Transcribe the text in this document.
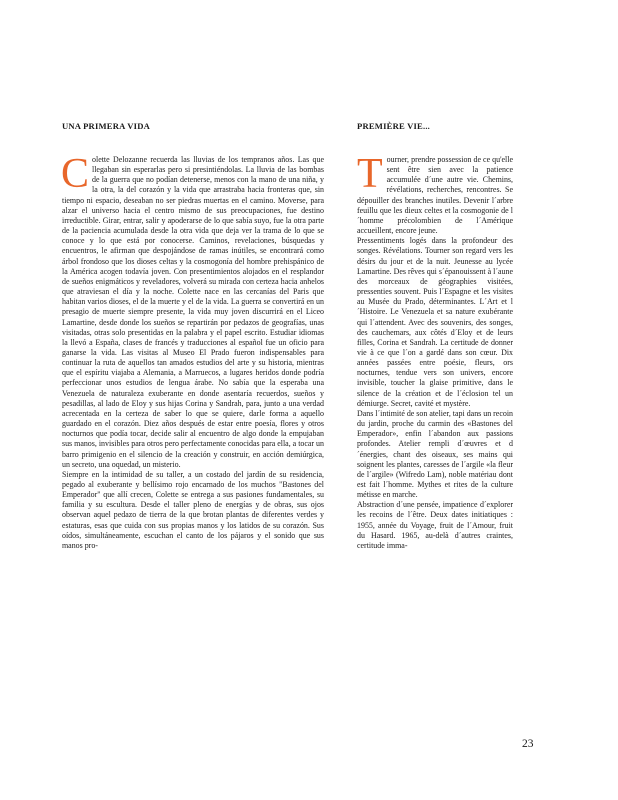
UNA PRIMERA VIDA

Colette Delozanne recuerda las lluvias de los tempranos años. Las que llegaban sin esperarlas pero si presintiéndolas. La lluvia de las bombas de la guerra que no podían detenerse, menos con la mano de una niña, y la otra, la del corazón y la vida que arrastraba hacia fronteras que, sin tiempo ni espacio, deseaban no ser piedras muertas en el camino. Moverse, para alzar el universo hacia el centro mismo de sus preocupaciones, fue destino irreductible. Girar, entrar, salir y apoderarse de lo que sabía suyo, fue la otra parte de la paciencia acumulada desde la otra vida que deja ver la trama de lo que se conoce y lo que está por conocerse. Caminos, revelaciones, búsquedas y encuentros, le afirman que despojándose de ramas inútiles, se encontrará como árbol frondoso que los dioses celtas y la cosmogonía del hombre prehispánico de la América acogen todavía joven. Con presentimientos alojados en el resplandor de sueños enigmáticos y reveladores, volverá su mirada con certeza hacia anhelos que atraviesan el día y la noche. Colette nace en las cercanías del Paris que habitan varios dioses, el de la muerte y el de la vida. La guerra se convertirá en un presagio de muerte siempre presente, la vida muy joven discurrirá en el Liceo Lamartine, desde donde los sueños se repartirán por pedazos de geografías, unas visitadas, otras solo presentidas en la palabra y el papel escrito. Estudiar idiomas la llevó a España, clases de francés y traducciones al español fue un oficio para ganarse la vida. Las visitas al Museo El Prado fueron indispensables para continuar la ruta de aquellos tan amados estudios del arte y su historia, mientras que el espíritu viajaba a Alemania, a Marruecos, a lugares heridos donde podría perfeccionar unos estudios de lengua árabe. No sabía que la esperaba una Venezuela de naturaleza exuberante en donde asentaría recuerdos, sueños y pesadillas, al lado de Eloy y sus hijas Corina y Sandrah, para, junto a una verdad acrecentada en la certeza de saber lo que se quiere, darle forma a aquello guardado en el corazón. Diez años después de estar entre poesía, flores y otros nocturnos que podía tocar, decide salir al encuentro de algo donde la empujaban sus manos, invisibles para otros pero perfectamente conocidas para ella, a tocar un barro primigenio en el silencio de la creación y construir, en acción demiúrgica, un secreto, una oquedad, un misterio.

Siempre en la intimidad de su taller, a un costado del jardín de su residencia, pegado al exuberante y bellísimo rojo encarnado de los muchos "Bastones del Emperador" que allí crecen, Colette se entrega a sus pasiones fundamentales, su familia y su escultura. Desde el taller pleno de energías y de obras, sus ojos observan aquel pedazo de tierra de la que brotan plantas de diferentes verdes y estaturas, esas que cuida con sus propias manos y los latidos de su corazón. Sus oídos, simultáneamente, escuchan el canto de los pájaros y el sonido que sus manos pro-

PREMIÈRE VIE...

Tourner, prendre possession de ce qu'elle sent être sien avec la patience accumulée d´une autre vie. Chemins, révélations, recherches, rencontres. Se dépouiller des branches inutiles. Devenir l´arbre feuillu que les dieux celtes et la cosmogonie de l´homme précolombien de l´Amérique accueillent, encore jeune.

Pressentiments logés dans la profondeur des songes. Révélations. Tourner son regard vers les désirs du jour et de la nuit. Jeunesse au lycée Lamartine. Des rêves qui s´épanouissent à l´aune des morceaux de géographies visitées, pressenties souvent. Puis l´Espagne et les visites au Musée du Prado, déterminantes. L´Art et l´Histoire. Le Venezuela et sa nature exubérante qui l´attendent. Avec des souvenirs, des songes, des cauchemars, aux côtés d´Eloy et de leurs filles, Corina et Sandrah. La certitude de donner vie à ce que l´on a gardé dans son cœur. Dix années passées entre poésie, fleurs, ors nocturnes, tendue vers son univers, encore invisible, toucher la glaise primitive, dans le silence de la création et de l´éclosion tel un démiurge. Secret, cavité et mystère.

Dans l´intimité de son atelier, tapi dans un recoin du jardin, proche du carmin des «Bastones del Emperador», enfin l´abandon aux passions profondes. Atelier rempli d´œuvres et d´énergies, chant des oiseaux, ses mains qui soignent les plantes, caresses de l´argile «la fleur de l´argile» (Wifredo Lam), noble matériau dont est fait l´homme. Mythes et rites de la culture métisse en marche.

Abstraction d´une pensée, impatience d´explorer les recoins de l´être. Deux dates initiatiques : 1955, année du Voyage, fruit de l´Amour, fruit du Hasard. 1965, au-delà d´autres craintes, certitude imma-

23
